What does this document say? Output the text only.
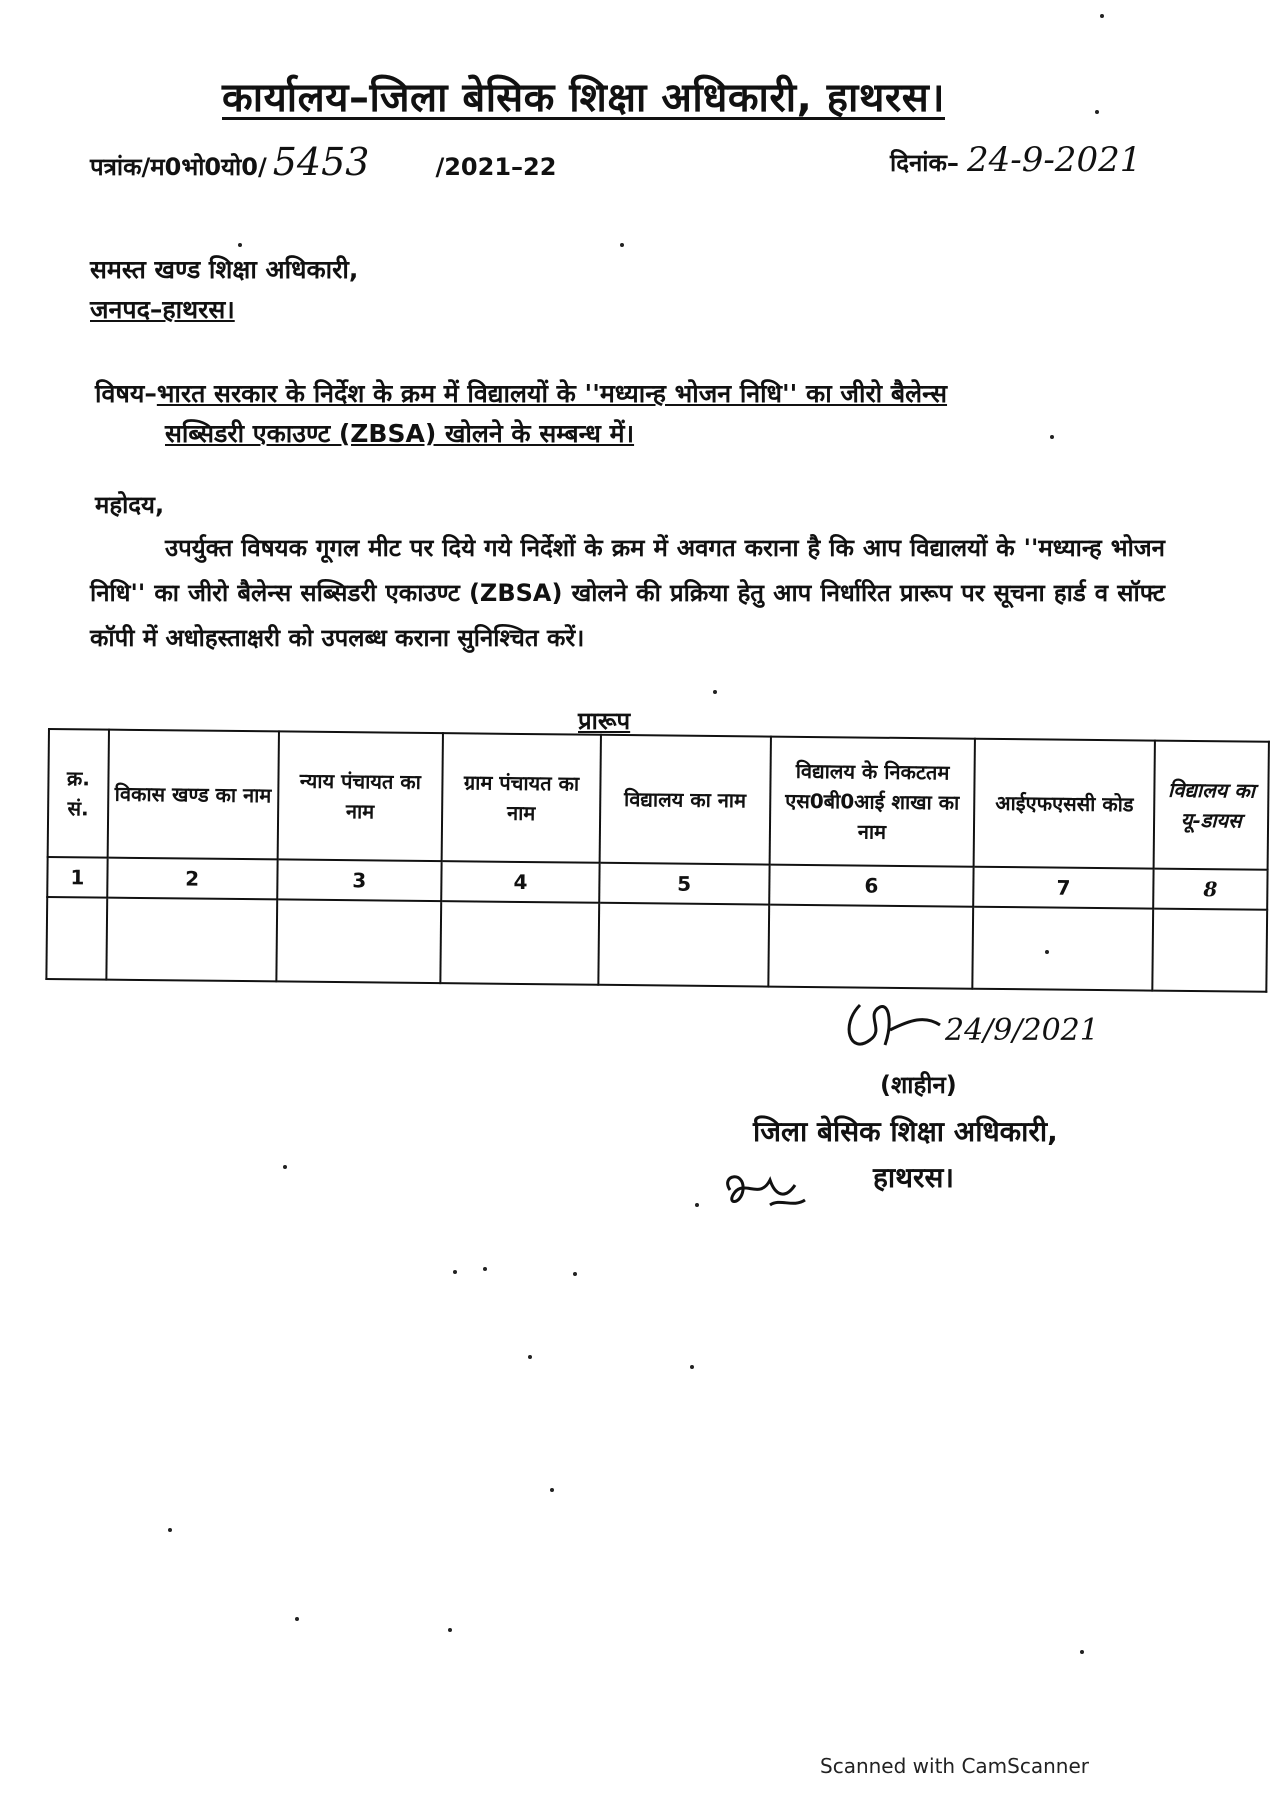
कार्यालय–जिला बेसिक शिक्षा अधिकारी, हाथरस।
पत्रांक/म0भो0यो0/ 5453	/2021–22	दिनांक– 24-9-2021
समस्त खण्ड शिक्षा अधिकारी,
जनपद–हाथरस।
विषय–भारत सरकार के निर्देश के क्रम में विद्यालयों के ''मध्यान्ह भोजन निधि'' का जीरो बैलेन्स
सब्सिडरी एकाउण्ट (ZBSA) खोलने के सम्बन्ध में।
महोदय,
उपर्युक्त विषयक गूगल मीट पर दिये गये निर्देशों के क्रम में अवगत कराना है कि आप विद्यालयों के ''मध्यान्ह भोजन निधि'' का जीरो बैलेन्स सब्सिडरी एकाउण्ट (ZBSA) खोलने की प्रक्रिया हेतु आप निर्धारित प्रारूप पर सूचना हार्ड व सॉफ्ट कॉपी में अधोहस्ताक्षरी को उपलब्ध कराना सुनिश्चित करें।
प्रारूप
क्र. सं.	विकास खण्ड का नाम	न्याय पंचायत का नाम	ग्राम पंचायत का नाम	विद्यालय का नाम	विद्यालय के निकटतम एस0बी0आई शाखा का नाम	आईएफएससी कोड	विद्यालय का यू-डायस
1	2	3	4	5	6	7	8

24/9/2021
(शाहीन)
जिला बेसिक शिक्षा अधिकारी,
हाथरस।
Scanned with CamScanner
